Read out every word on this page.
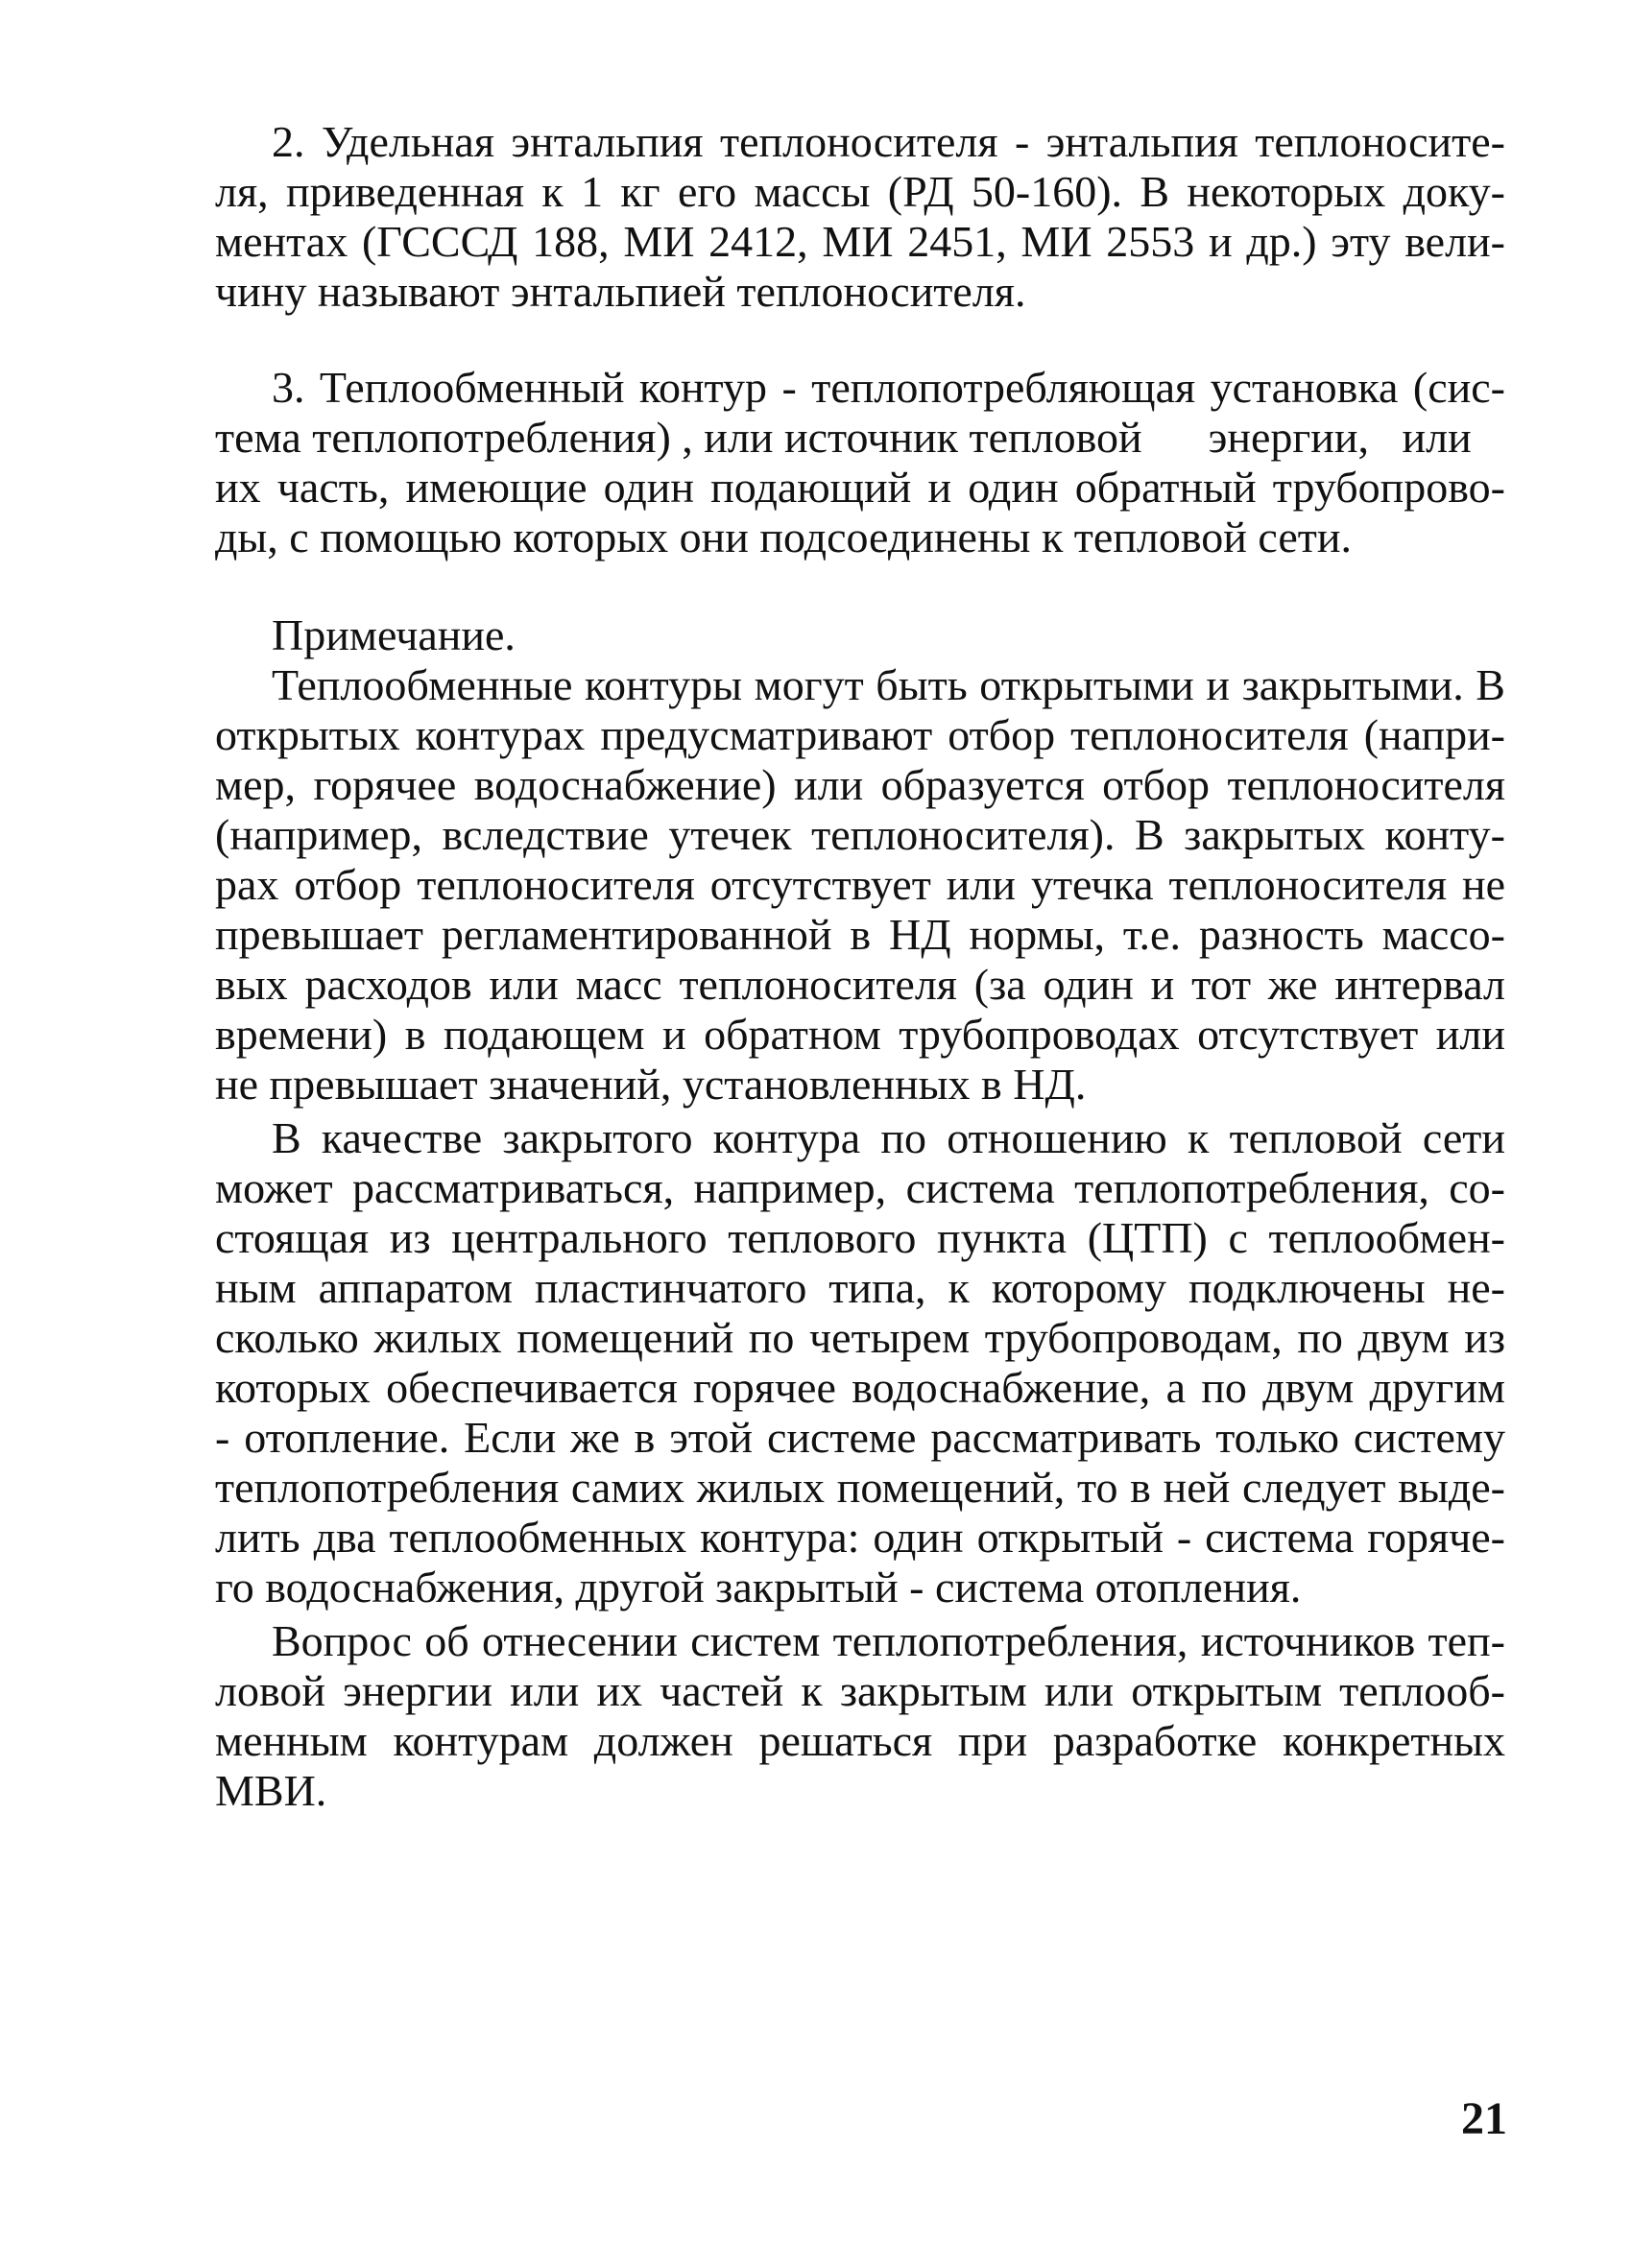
2. Удельная энтальпия теплоносителя - энтальпия теплоносите-
ля, приведенная к 1 кг его массы (РД 50-160). В некоторых доку-
ментах (ГСССД 188, МИ 2412, МИ 2451, МИ 2553 и др.) эту вели-
чину называют энтальпией теплоносителя.
3. Теплообменный контур - теплопотребляющая установка (сис-
тема теплопотребления) , или источник тепловой      энергии,   или
их часть, имеющие один подающий и один обратный трубопрово-
ды, с помощью которых они подсоединены к тепловой сети.
Примечание.
Теплообменные контуры могут быть открытыми и закрытыми. В
открытых контурах предусматривают отбор теплоносителя (напри-
мер, горячее водоснабжение) или образуется отбор теплоносителя
(например, вследствие утечек теплоносителя). В закрытых конту-
рах отбор теплоносителя отсутствует или утечка теплоносителя не
превышает регламентированной в НД нормы, т.е. разность массо-
вых расходов или масс теплоносителя (за один и тот же интервал
времени) в подающем и обратном трубопроводах отсутствует или
не превышает значений, установленных в НД.
В качестве закрытого контура по отношению к тепловой сети
может рассматриваться, например, система теплопотребления, со-
стоящая из центрального теплового пункта (ЦТП) с теплообмен-
ным аппаратом пластинчатого типа, к которому подключены не-
сколько жилых помещений по четырем трубопроводам, по двум из
которых обеспечивается горячее водоснабжение, а по двум другим
- отопление. Если же в этой системе рассматривать только систему
теплопотребления самих жилых помещений, то в ней следует выде-
лить два теплообменных контура: один открытый - система горяче-
го водоснабжения, другой закрытый - система отопления.
Вопрос об отнесении систем теплопотребления, источников теп-
ловой энергии или их частей к закрытым или открытым теплооб-
менным контурам должен решаться при разработке конкретных
МВИ.
21
